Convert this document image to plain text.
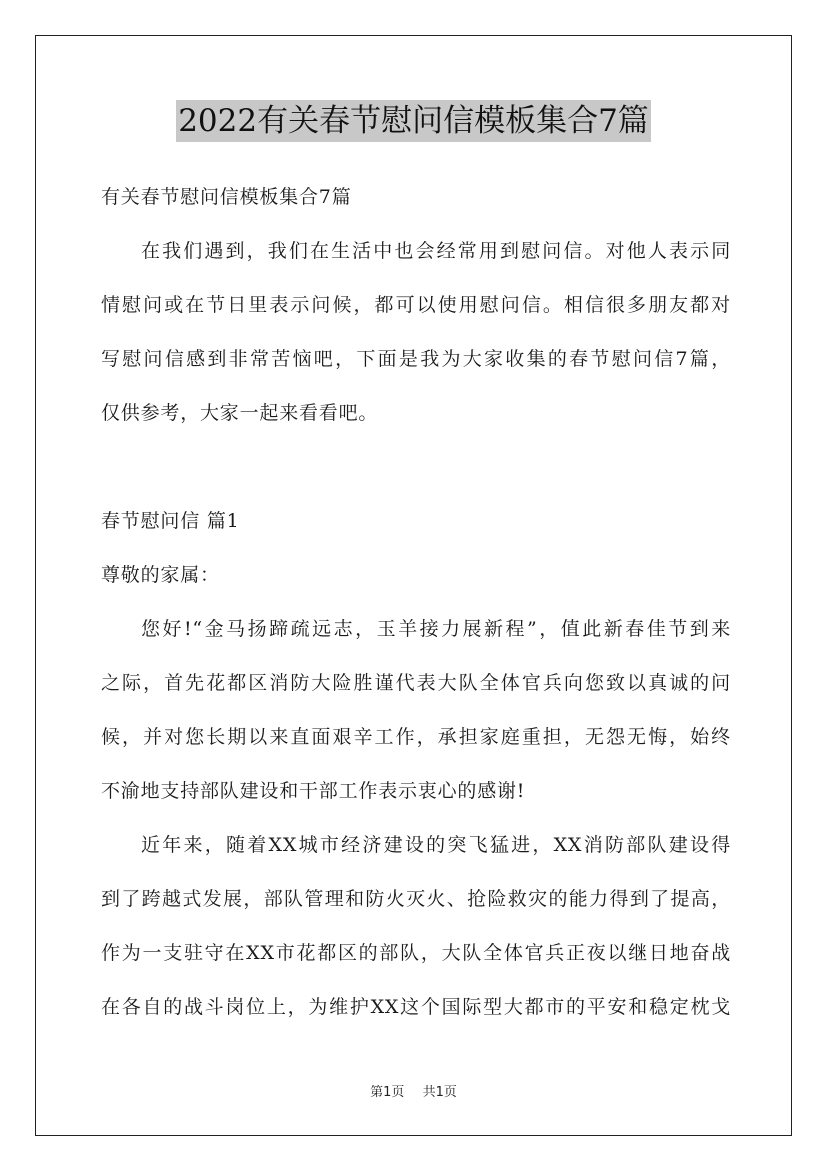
2022有关春节慰问信模板集合7篇
有关春节慰问信模板集合7篇
在我们遇到，我们在生活中也会经常用到慰问信。对他人表示同
情慰问或在节日里表示问候，都可以使用慰问信。相信很多朋友都对
写慰问信感到非常苦恼吧，下面是我为大家收集的春节慰问信7篇，
仅供参考，大家一起来看看吧。
春节慰问信 篇1
尊敬的家属：
您好!“金马扬蹄疏远志，玉羊接力展新程”，值此新春佳节到来
之际，首先花都区消防大险胜谨代表大队全体官兵向您致以真诚的问
候，并对您长期以来直面艰辛工作，承担家庭重担，无怨无悔，始终
不渝地支持部队建设和干部工作表示衷心的感谢!
近年来，随着XX城市经济建设的突飞猛进，XX消防部队建设得
到了跨越式发展，部队管理和防火灭火、抢险救灾的能力得到了提高，
作为一支驻守在XX市花都区的部队，大队全体官兵正夜以继日地奋战
在各自的战斗岗位上，为维护XX这个国际型大都市的平安和稳定枕戈
第1页 共1页
